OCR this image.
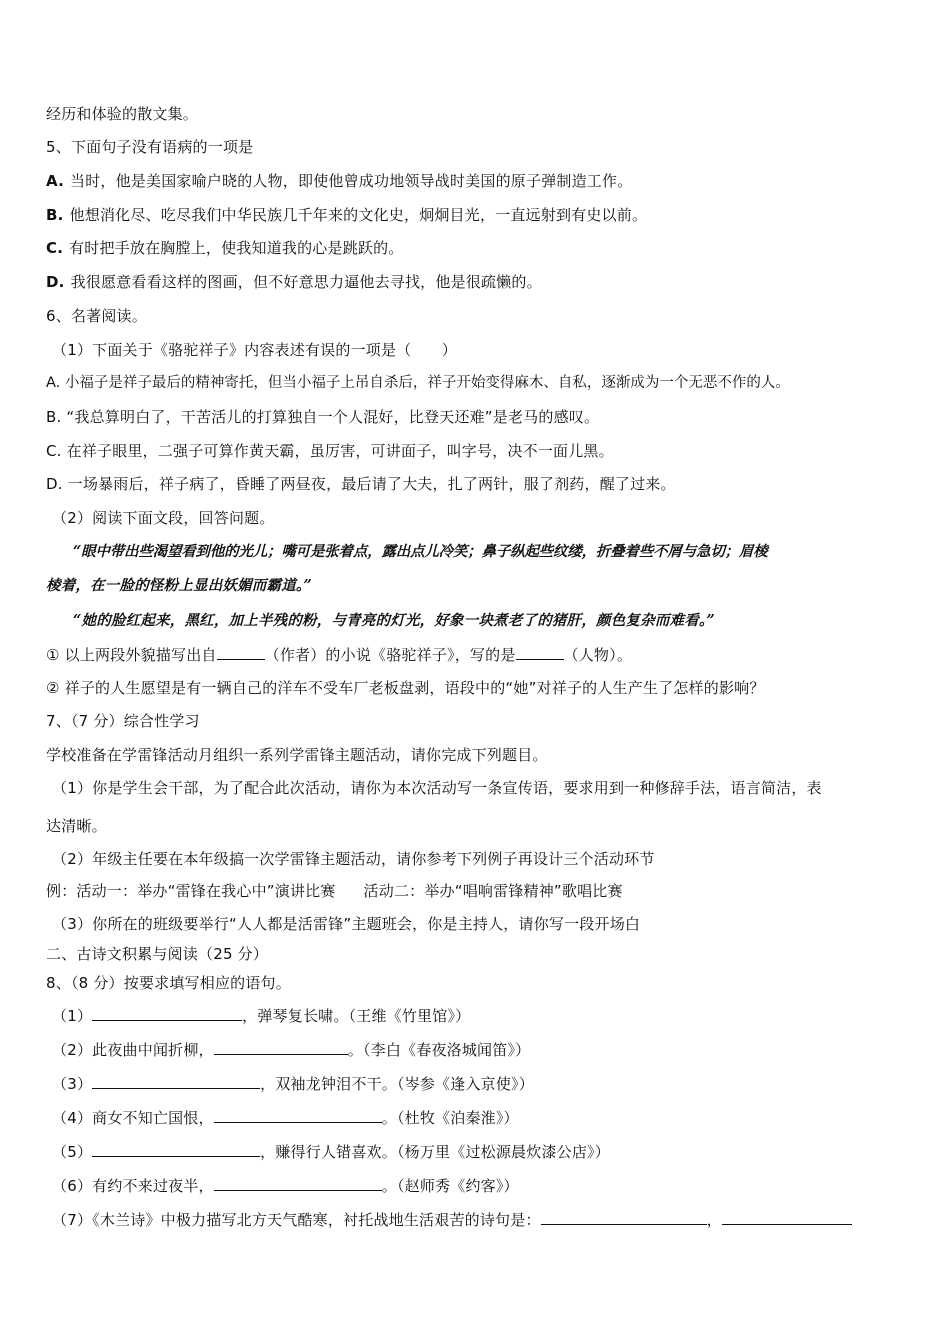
经历和体验的散文集。
5、下面句子没有语病的一项是
A. 当时，他是美国家喻户晓的人物，即使他曾成功地领导战时美国的原子弹制造工作。
B. 他想消化尽、吃尽我们中华民族几千年来的文化史，炯炯目光，一直远射到有史以前。
C. 有时把手放在胸膛上，使我知道我的心是跳跃的。
D. 我很愿意看看这样的图画，但不好意思力逼他去寻找，他是很疏懒的。
6、名著阅读。
（1）下面关于《骆驼祥子》内容表述有误的一项是（　　）
A. 小福子是祥子最后的精神寄托，但当小福子上吊自杀后，祥子开始变得麻木、自私，逐渐成为一个无恶不作的人。
B. “我总算明白了，干苦活儿的打算独自一个人混好，比登天还难”是老马的感叹。
C. 在祥子眼里，二强子可算作黄天霸，虽厉害，可讲面子，叫字号，决不一面儿黑。
D. 一场暴雨后，祥子病了，昏睡了两昼夜，最后请了大夫，扎了两针，服了剂药，醒了过来。
（2）阅读下面文段，回答问题。
“眼中带出些渴望看到他的光儿；嘴可是张着点，露出点儿冷笑；鼻子纵起些纹缕，折叠着些不屑与急切；眉棱
棱着，在一脸的怪粉上显出妖媚而霸道。”
“她的脸红起来，黑红，加上半残的粉，与青亮的灯光，好象一块煮老了的猪肝，颜色复杂而难看。”
① 以上两段外貌描写出自	（作者）的小说《骆驼祥子》，写的是	（人物）。
② 祥子的人生愿望是有一辆自己的洋车不受车厂老板盘剥，语段中的“她”对祥子的人生产生了怎样的影响？
7、（7 分）综合性学习
学校准备在学雷锋活动月组织一系列学雷锋主题活动，请你完成下列题目。
（1）你是学生会干部，为了配合此次活动，请你为本次活动写一条宣传语，要求用到一种修辞手法，语言简洁，表
达清晰。
（2）年级主任要在本年级搞一次学雷锋主题活动，请你参考下列例子再设计三个活动环节
例：活动一：举办“雷锋在我心中”演讲比赛 活动二：举办“唱响雷锋精神”歌唱比赛
（3）你所在的班级要举行“人人都是活雷锋”主题班会，你是主持人，请你写一段开场白
二、古诗文积累与阅读（25 分）
8、（8 分）按要求填写相应的语句。
（1）	，弹琴复长啸。（王维《竹里馆》）
（2）此夜曲中闻折柳，	。（李白《春夜洛城闻笛》）
（3）	，双袖龙钟泪不干。（岑参《逢入京使》）
（4）商女不知亡国恨，	。（杜牧《泊秦淮》）
（5）	，赚得行人错喜欢。（杨万里《过松源晨炊漆公店》）
（6）有约不来过夜半，	。（赵师秀《约客》）
（7）《木兰诗》中极力描写北方天气酷寒，衬托战地生活艰苦的诗句是：	，
